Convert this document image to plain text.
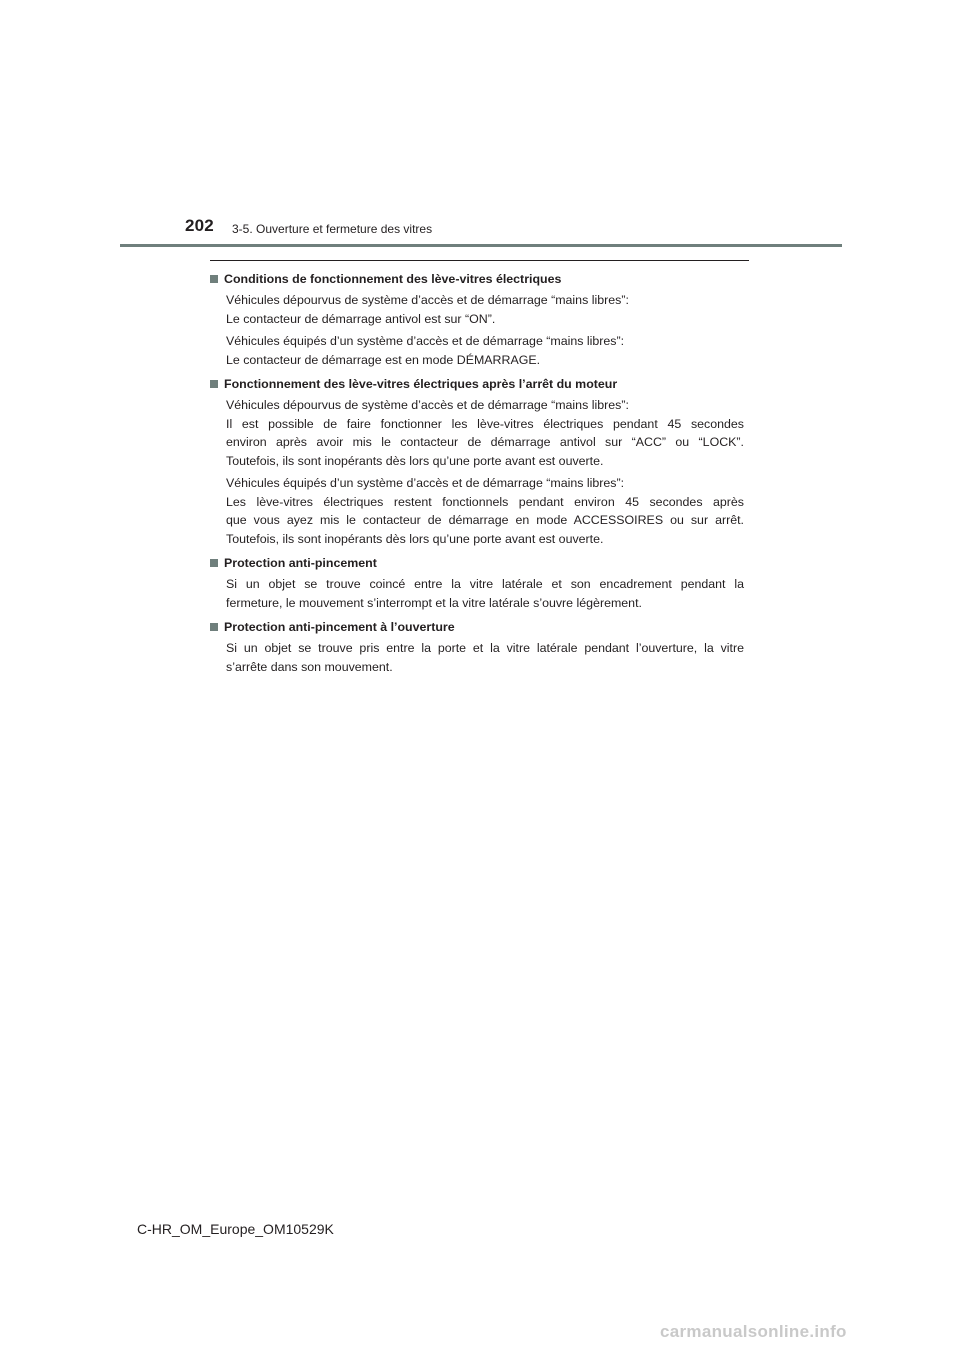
202 3-5. Ouverture et fermeture des vitres
Conditions de fonctionnement des lève-vitres électriques

Véhicules dépourvus de système d’accès et de démarrage “mains libres”:
Le contacteur de démarrage antivol est sur “ON”.

Véhicules équipés d’un système d’accès et de démarrage “mains libres”:
Le contacteur de démarrage est en mode DÉMARRAGE.

Fonctionnement des lève-vitres électriques après l’arrêt du moteur

Véhicules dépourvus de système d’accès et de démarrage “mains libres”:
Il est possible de faire fonctionner les lève-vitres électriques pendant 45 secondes
environ après avoir mis le contacteur de démarrage antivol sur “ACC” ou “LOCK”.
Toutefois, ils sont inopérants dès lors qu’une porte avant est ouverte.

Véhicules équipés d’un système d’accès et de démarrage “mains libres”:
Les lève-vitres électriques restent fonctionnels pendant environ 45 secondes après
que vous ayez mis le contacteur de démarrage en mode ACCESSOIRES ou sur arrêt.
Toutefois, ils sont inopérants dès lors qu’une porte avant est ouverte.

Protection anti-pincement

Si un objet se trouve coincé entre la vitre latérale et son encadrement pendant la
fermeture, le mouvement s’interrompt et la vitre latérale s’ouvre légèrement.

Protection anti-pincement à l’ouverture

Si un objet se trouve pris entre la porte et la vitre latérale pendant l’ouverture, la vitre
s’arrête dans son mouvement.

C-HR_OM_Europe_OM10529K
carmanualsonline.info
